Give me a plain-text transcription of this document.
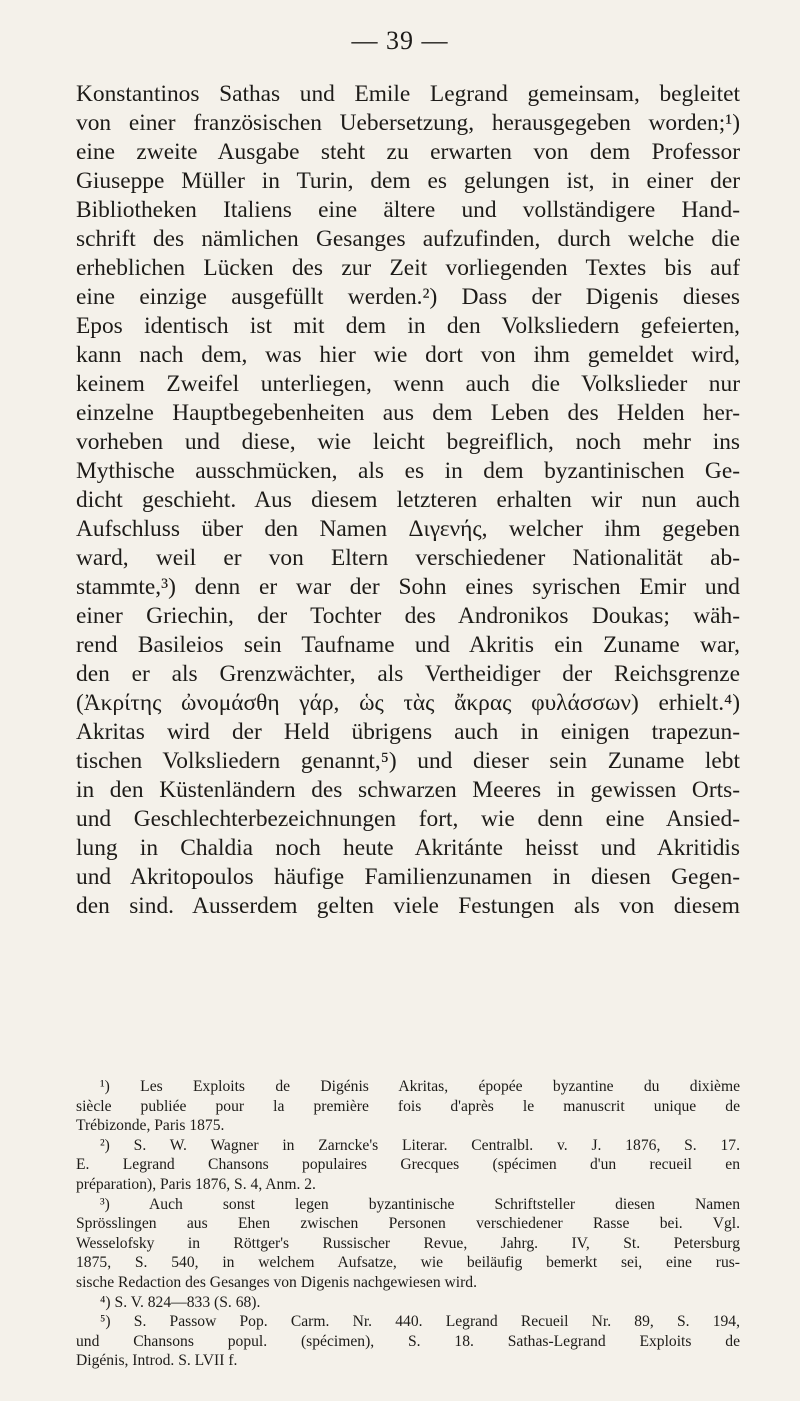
— 39 —
Konstantinos Sathas und Emile Legrand gemeinsam, begleitet
von einer französischen Uebersetzung, herausgegeben worden;¹)
eine zweite Ausgabe steht zu erwarten von dem Professor
Giuseppe Müller in Turin, dem es gelungen ist, in einer der
Bibliotheken Italiens eine ältere und vollständigere Hand-
schrift des nämlichen Gesanges aufzufinden, durch welche die
erheblichen Lücken des zur Zeit vorliegenden Textes bis auf
eine einzige ausgefüllt werden.²) Dass der Digenis dieses
Epos identisch ist mit dem in den Volksliedern gefeierten,
kann nach dem, was hier wie dort von ihm gemeldet wird,
keinem Zweifel unterliegen, wenn auch die Volkslieder nur
einzelne Hauptbegebenheiten aus dem Leben des Helden her-
vorheben und diese, wie leicht begreiflich, noch mehr ins
Mythische ausschmücken, als es in dem byzantinischen Ge-
dicht geschieht. Aus diesem letzteren erhalten wir nun auch
Aufschluss über den Namen Διγενής, welcher ihm gegeben
ward, weil er von Eltern verschiedener Nationalität ab-
stammte,³) denn er war der Sohn eines syrischen Emir und
einer Griechin, der Tochter des Andronikos Doukas; wäh-
rend Basileios sein Taufname und Akritis ein Zuname war,
den er als Grenzwächter, als Vertheidiger der Reichsgrenze
(Ἀκρίτης ὠνομάσθη γάρ, ὡς τὰς ἄκρας φυλάσσων) erhielt.⁴)
Akritas wird der Held übrigens auch in einigen trapezun-
tischen Volksliedern genannt,⁵) und dieser sein Zuname lebt
in den Küstenländern des schwarzen Meeres in gewissen Orts-
und Geschlechterbezeichnungen fort, wie denn eine Ansied-
lung in Chaldia noch heute Akritánte heisst und Akritidis
und Akritopoulos häufige Familienzunamen in diesen Gegen-
den sind. Ausserdem gelten viele Festungen als von diesem
¹) Les Exploits de Digénis Akritas, épopée byzantine du dixième
siècle publiée pour la première fois d'après le manuscrit unique de
Trébizonde, Paris 1875.
²) S. W. Wagner in Zarncke's Literar. Centralbl. v. J. 1876, S. 17.
E. Legrand Chansons populaires Grecques (spécimen d'un recueil en
préparation), Paris 1876, S. 4, Anm. 2.
³) Auch sonst legen byzantinische Schriftsteller diesen Namen
Sprösslingen aus Ehen zwischen Personen verschiedener Rasse bei. Vgl.
Wesselofsky in Röttger's Russischer Revue, Jahrg. IV, St. Petersburg
1875, S. 540, in welchem Aufsatze, wie beiläufig bemerkt sei, eine rus-
sische Redaction des Gesanges von Digenis nachgewiesen wird.
⁴) S. V. 824—833 (S. 68).
⁵) S. Passow Pop. Carm. Nr. 440. Legrand Recueil Nr. 89, S. 194,
und Chansons popul. (spécimen), S. 18. Sathas-Legrand Exploits de
Digénis, Introd. S. LVII f.
